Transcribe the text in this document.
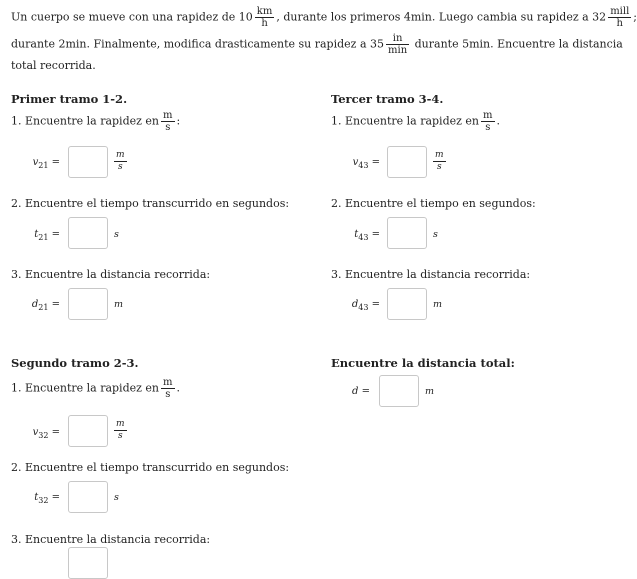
Un cuerpo se mueve con una rapidez de $10 \frac{km}{h}$ , durante los primeros 4min. Luego cambia su rapidez a $32 \frac{\text{mill}}{h}$ ;
durante 2min. Finalmente, modifica drasticamente su rapidez a $35 \frac{in}{\min}$ durante 5min. Encuentre la distancia
total recorrida.
Primer tramo 1-2.
1. Encuentre la rapidez en $\frac{m}{s}$ :
$v_{21}$ =	$\frac{m}{s}$
2. Encuentre el tiempo transcurrido en segundos:
$t_{21}$ =	s
3. Encuentre la distancia recorrida:
$d_{21}$ =	m
Segundo tramo 2-3.
1. Encuentre la rapidez en $\frac{m}{s}$ .
$v_{32}$ =	$\frac{m}{s}$
2. Encuentre el tiempo transcurrido en segundos:
$t_{32}$ =	s
3. Encuentre la distancia recorrida:
Tercer tramo 3-4.
1. Encuentre la rapidez en $\frac{m}{s}$ .
$v_{43}$ =	$\frac{m}{s}$
2. Encuentre el tiempo en segundos:
$t_{43}$ =	s
3. Encuentre la distancia recorrida:
$d_{43}$ =	m
Encuentre la distancia total:
d =	m
